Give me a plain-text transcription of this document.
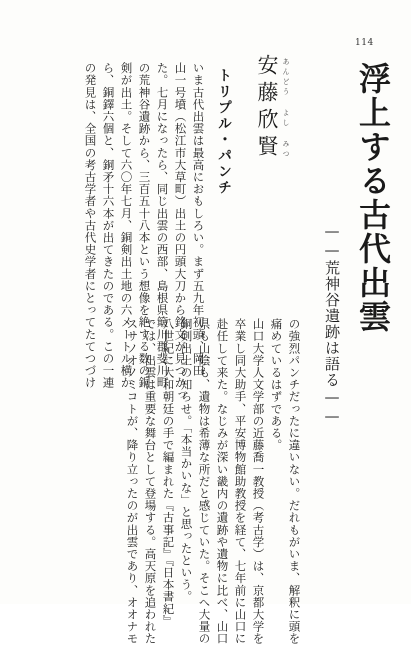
114
浮上する古代出雲
——荒神谷遺跡は語る——
あんどう よし みつ
安藤欣賢
トリプル・パンチ
いま古代出雲は最高におもしろい。まず五九年初頭、岡田
山一号墳（松江市大草町）出土の円頭大刀から銘文が見つかっ
た。七月になったら、同じ出雲の西部、島根県簸川郡斐川町
の荒神谷遺跡から、三百五十八本という想像を絶する数の銅
剣が出土。そして六〇年七月、銅剣出土地の六メートル横か
ら、銅鐸六個と、銅矛十六本が出てきたのである。この一連
の発見は、全国の考古学者や古代史学者にとってたてつづけ
の強烈パンチだったに違いない。だれもがいま、解釈に頭を
痛めているはずである。
山口大学人文学部の近藤喬一教授（考古学）は、京都大学を
卒業し同大助手、平安博物館助教授を経て、七年前に山口に
赴任して来た。なじみが深い畿内の遺跡や遺物に比べ、山口
県も山陰も、遺物は希薄な所だと感じていた。そこへ大量の
銅剣出土の知らせ。「本当かいな」と思ったという。
八世紀に大和朝廷の手で編まれた『古事記』『日本書紀』
では、出雲は重要な舞台として登場する。高天原を追われた
スサノオノミコトが、降り立ったのが出雲であり、オオナモ
